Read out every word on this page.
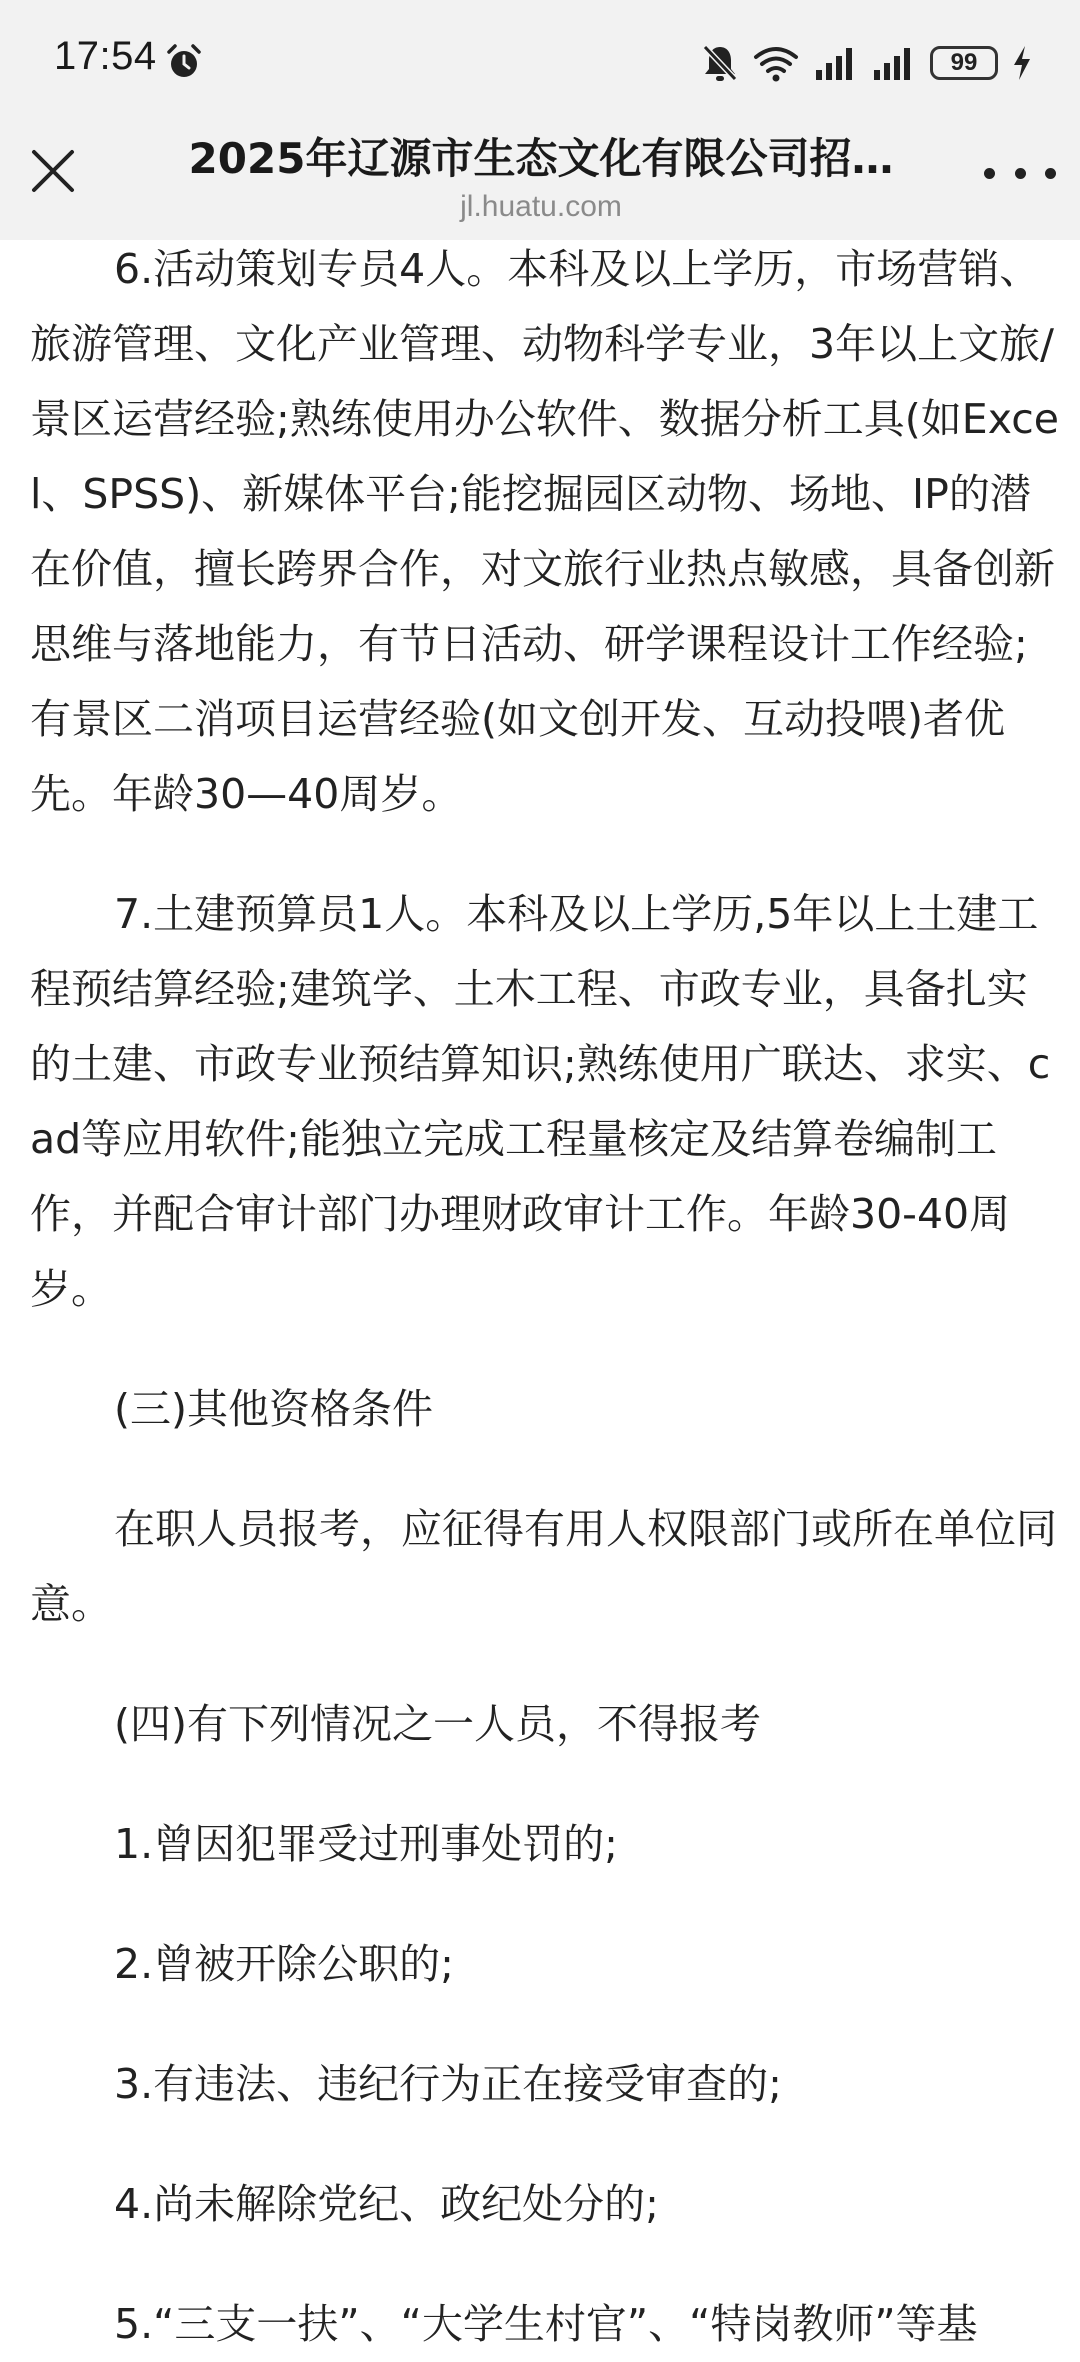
17:54	99
2025年辽源市生态文化有限公司招…
jl.huatu.com

6.活动策划专员4人。本科及以上学历，市场营销、旅游管理、文化产业管理、动物科学专业，3年以上文旅/景区运营经验;熟练使用办公软件、数据分析工具(如Excel、SPSS)、新媒体平台;能挖掘园区动物、场地、IP的潜在价值，擅长跨界合作，对文旅行业热点敏感，具备创新思维与落地能力，有节日活动、研学课程设计工作经验;有景区二消项目运营经验(如文创开发、互动投喂)者优先。年龄30—40周岁。

7.土建预算员1人。本科及以上学历,5年以上土建工程预结算经验;建筑学、土木工程、市政专业，具备扎实的土建、市政专业预结算知识;熟练使用广联达、求实、cad等应用软件;能独立完成工程量核定及结算卷编制工作，并配合审计部门办理财政审计工作。年龄30-40周岁。

(三)其他资格条件

在职人员报考，应征得有用人权限部门或所在单位同意。

(四)有下列情况之一人员，不得报考

1.曾因犯罪受过刑事处罚的;

2.曾被开除公职的;

3.有违法、违纪行为正在接受审查的;

4.尚未解除党纪、政纪处分的;

5.“三支一扶”、“大学生村官”、“特岗教师”等基
